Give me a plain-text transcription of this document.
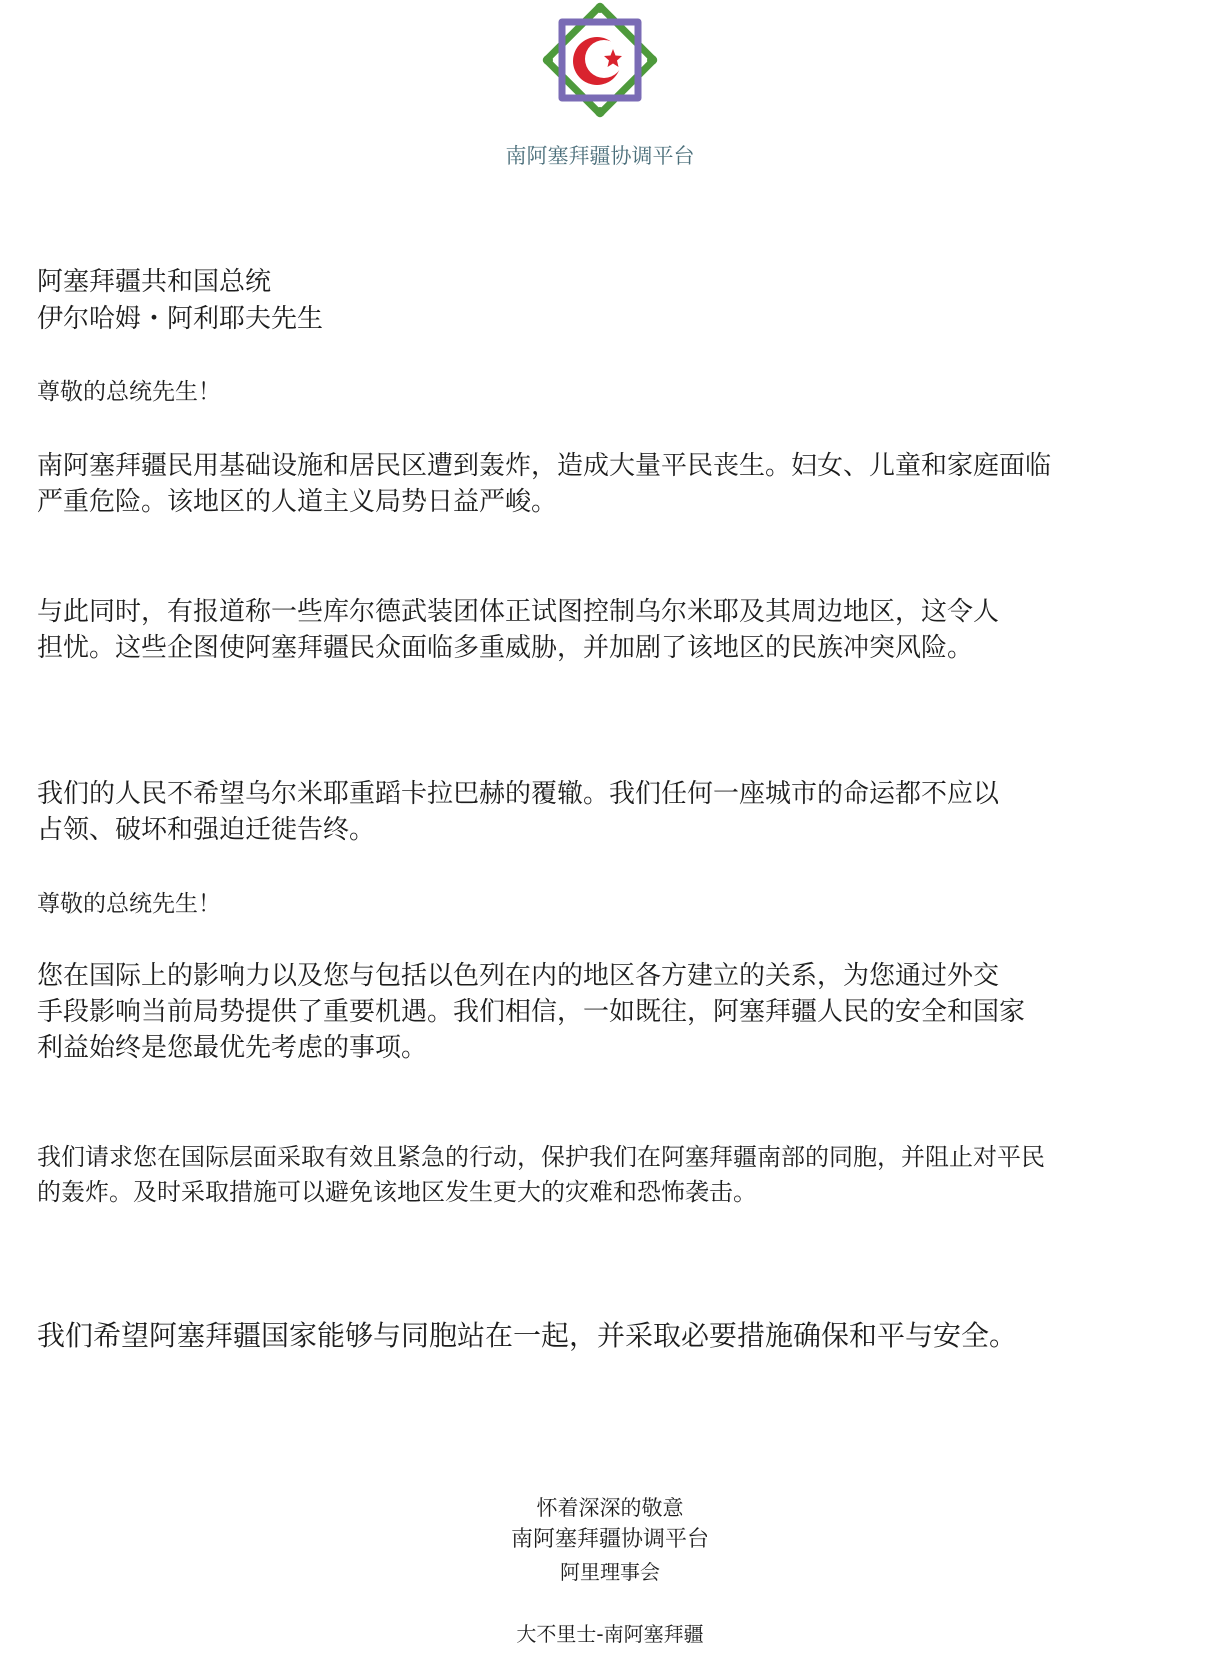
南阿塞拜疆协调平台
阿塞拜疆共和国总统
伊尔哈姆・阿利耶夫先生
尊敬的总统先生！
南阿塞拜疆民用基础设施和居民区遭到轰炸，造成大量平民丧生。妇女、儿童和家庭面临
严重危险。该地区的人道主义局势日益严峻。
与此同时，有报道称一些库尔德武装团体正试图控制乌尔米耶及其周边地区，这令人
担忧。这些企图使阿塞拜疆民众面临多重威胁，并加剧了该地区的民族冲突风险。
我们的人民不希望乌尔米耶重蹈卡拉巴赫的覆辙。我们任何一座城市的命运都不应以
占领、破坏和强迫迁徙告终。
尊敬的总统先生！
您在国际上的影响力以及您与包括以色列在内的地区各方建立的关系，为您通过外交
手段影响当前局势提供了重要机遇。我们相信，一如既往，阿塞拜疆人民的安全和国家
利益始终是您最优先考虑的事项。
我们请求您在国际层面采取有效且紧急的行动，保护我们在阿塞拜疆南部的同胞，并阻止对平民
的轰炸。及时采取措施可以避免该地区发生更大的灾难和恐怖袭击。
我们希望阿塞拜疆国家能够与同胞站在一起，并采取必要措施确保和平与安全。
怀着深深的敬意
南阿塞拜疆协调平台
阿里理事会
大不里士-南阿塞拜疆
